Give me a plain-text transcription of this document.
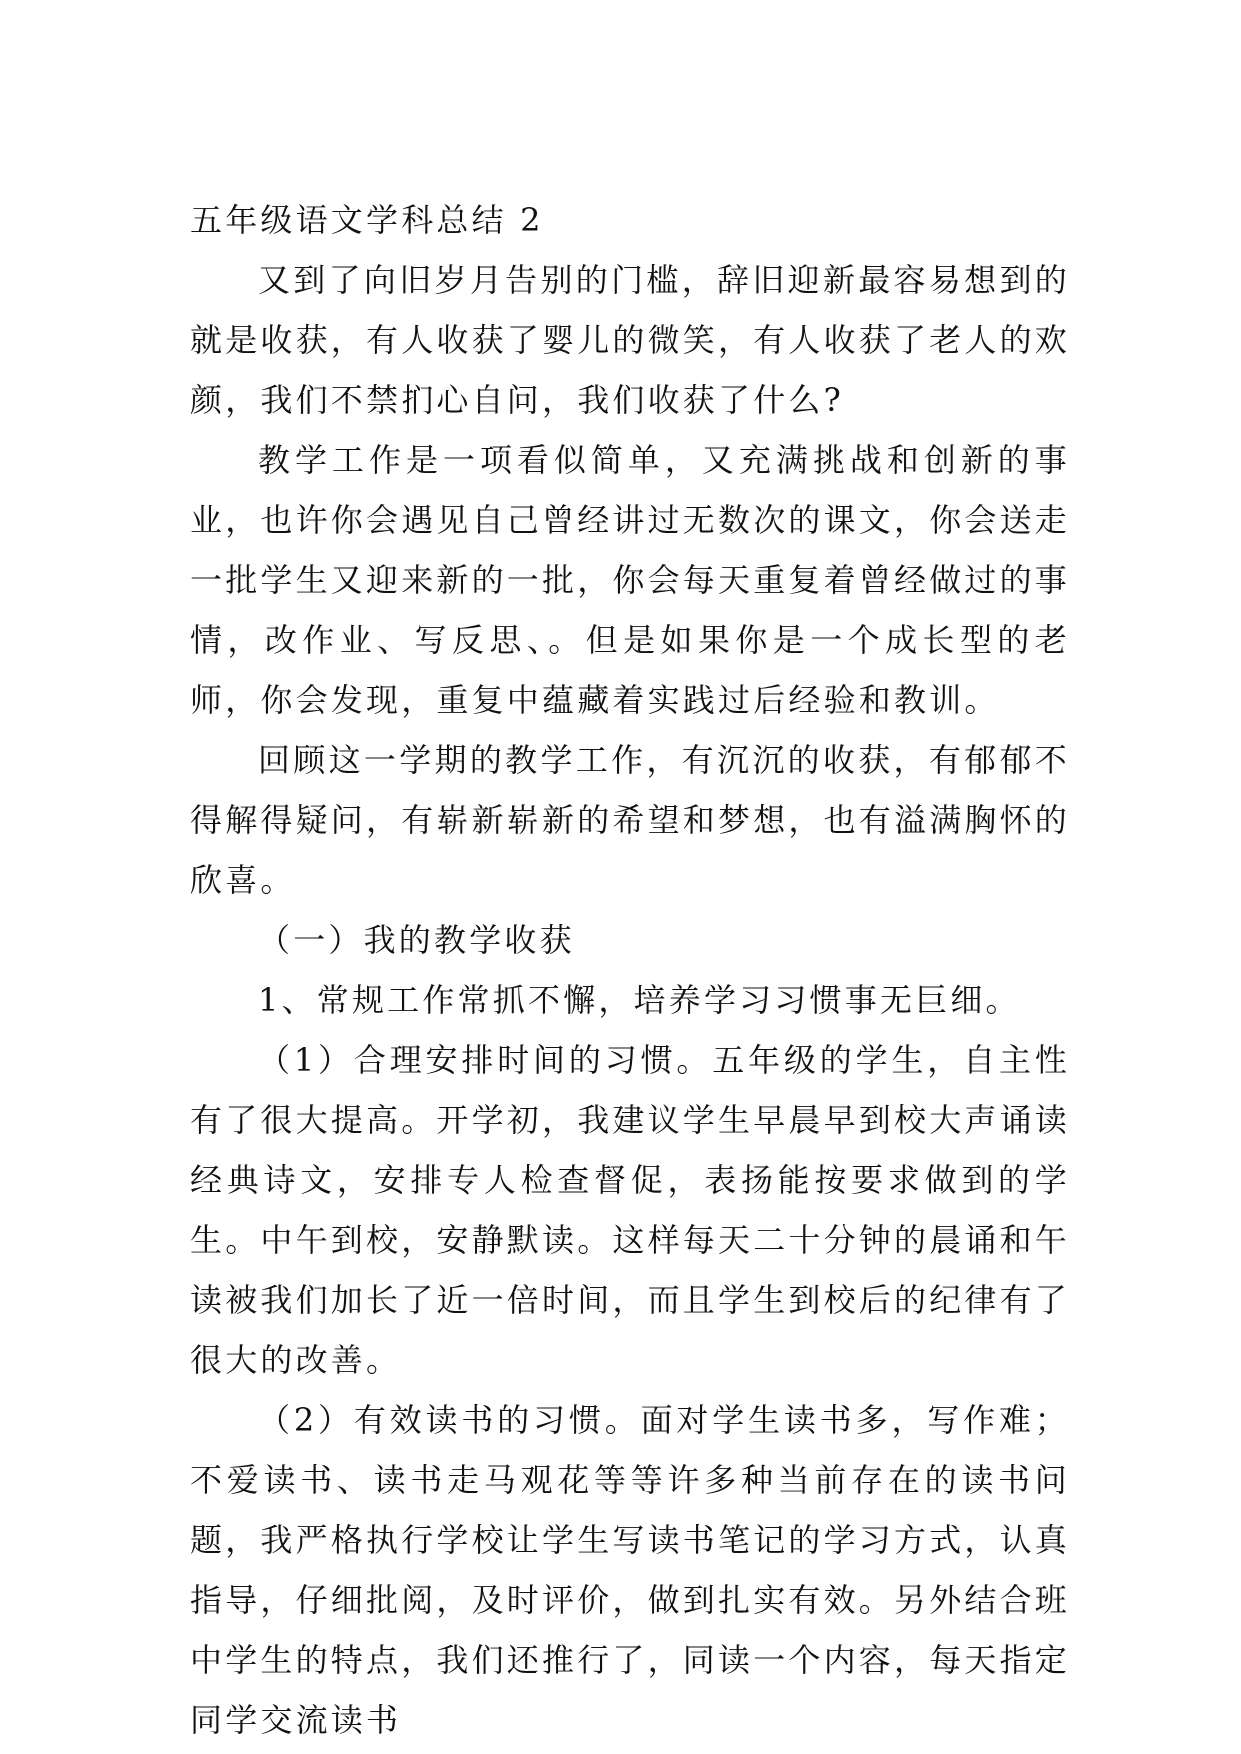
五年级语文学科总结 2

又到了向旧岁月告别的门槛，辞旧迎新最容易想到的就是收获，有人收获了婴儿的微笑，有人收获了老人的欢颜，我们不禁扪心自问，我们收获了什么?

教学工作是一项看似简单，又充满挑战和创新的事业，也许你会遇见自己曾经讲过无数次的课文，你会送走一批学生又迎来新的一批，你会每天重复着曾经做过的事情，改作业、写反思、。但是如果你是一个成长型的老师，你会发现，重复中蕴藏着实践过后经验和教训。

回顾这一学期的教学工作，有沉沉的收获，有郁郁不得解得疑问，有崭新崭新的希望和梦想，也有溢满胸怀的欣喜。

（一）我的教学收获

1、常规工作常抓不懈，培养学习习惯事无巨细。

（1）合理安排时间的习惯。五年级的学生，自主性有了很大提高。开学初，我建议学生早晨早到校大声诵读经典诗文，安排专人检查督促，表扬能按要求做到的学生。中午到校，安静默读。这样每天二十分钟的晨诵和午读被我们加长了近一倍时间，而且学生到校后的纪律有了很大的改善。

（2）有效读书的习惯。面对学生读书多，写作难；不爱读书、读书走马观花等等许多种当前存在的读书问题，我严格执行学校让学生写读书笔记的学习方式，认真指导，仔细批阅，及时评价，做到扎实有效。另外结合班中学生的特点，我们还推行了，同读一个内容，每天指定同学交流读书
